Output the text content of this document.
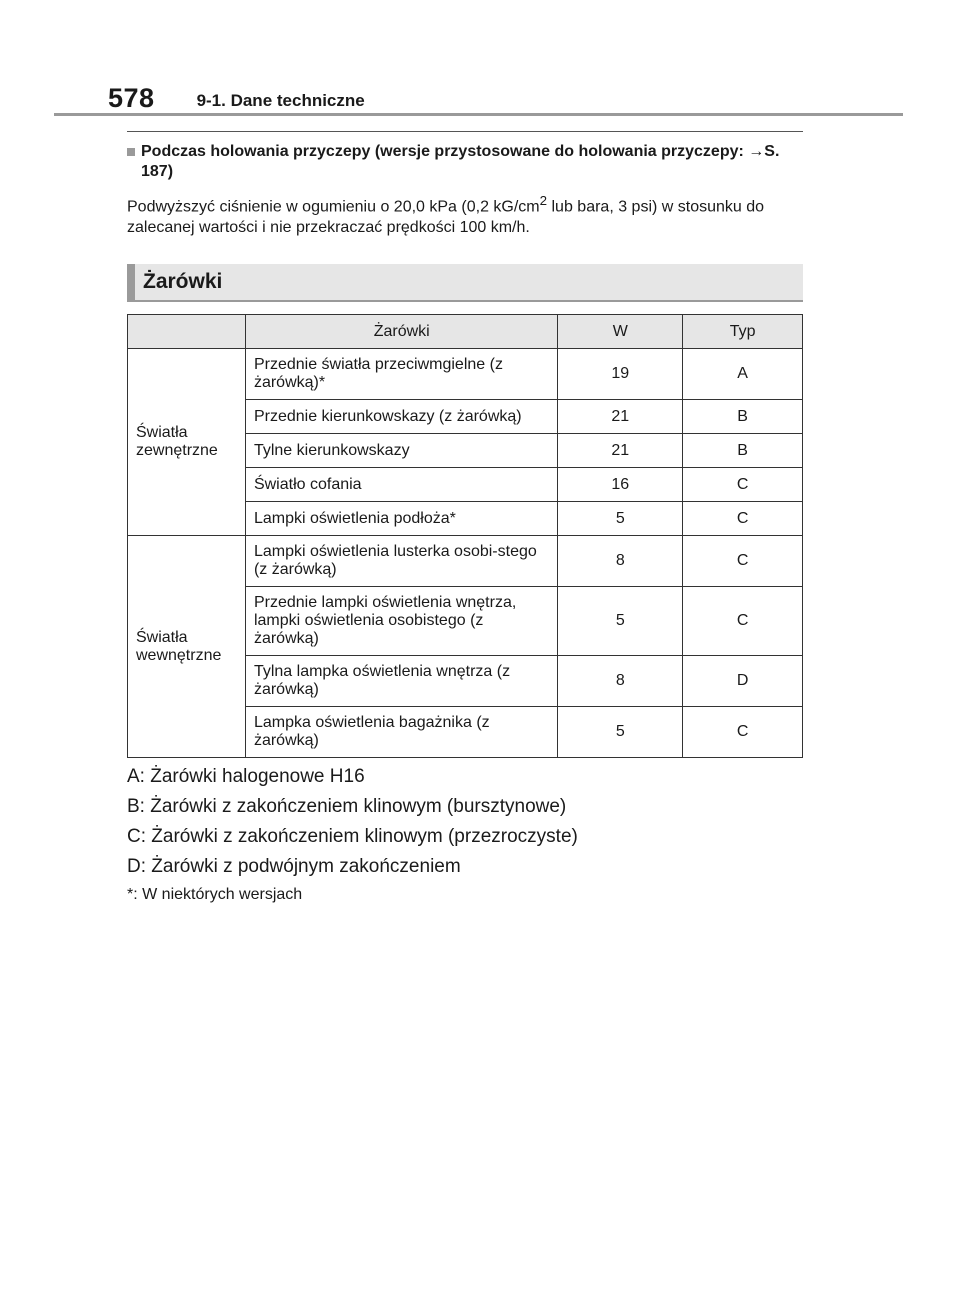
578 9-1. Dane techniczne
Podczas holowania przyczepy (wersje przystosowane do holowania przyczepy: →S. 187)
Podwyższyć ciśnienie w ogumieniu o 20,0 kPa (0,2 $kG/cm^2$ lub bara, 3 psi) w stosunku do zalecanej wartości i nie przekraczać prędkości 100 km/h.
Żarówki
	Żarówki	W	Typ
Światła zewnętrzne	Przednie światła przeciwmgielne (z żarówką)*	19	A
	Przednie kierunkowskazy (z żarówką)	21	B
	Tylne kierunkowskazy	21	B
	Światło cofania	16	C
	Lampki oświetlenia podłoża*	5	C
Światła wewnętrzne	Lampki oświetlenia lusterka osobi-stego (z żarówką)	8	C
	Przednie lampki oświetlenia wnętrza, lampki oświetlenia osobistego (z żarówką)	5	C
	Tylna lampka oświetlenia wnętrza (z żarówką)	8	D
	Lampka oświetlenia bagażnika (z żarówką)	5	C
A: Żarówki halogenowe H16
B: Żarówki z zakończeniem klinowym (bursztynowe)
C: Żarówki z zakończeniem klinowym (przezroczyste)
D: Żarówki z podwójnym zakończeniem
*: W niektórych wersjach
